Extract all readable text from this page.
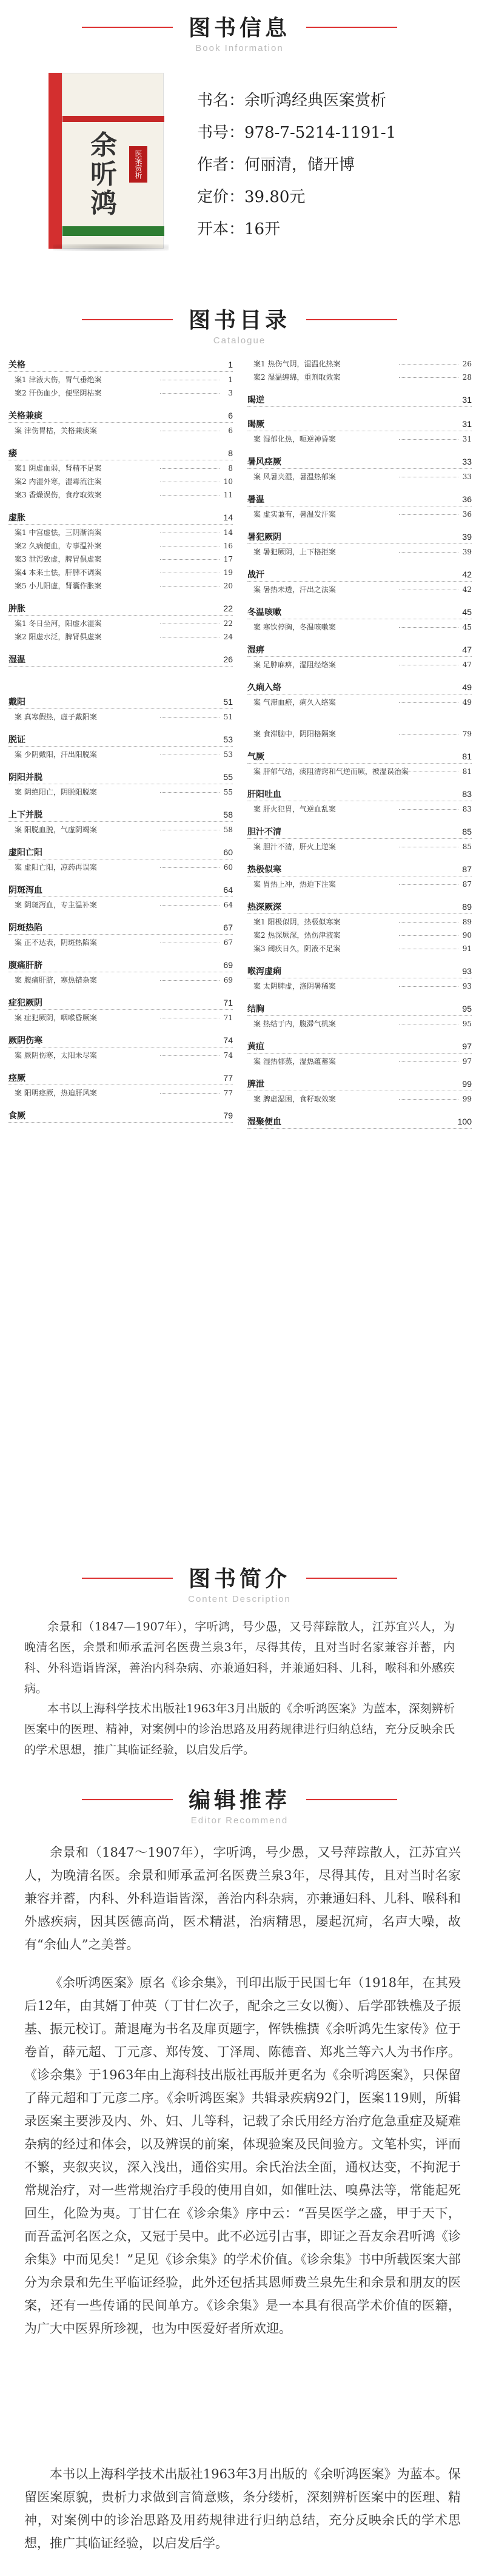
图书信息
Book Information
余听鸿
医案赏析
书名：余听鸿经典医案赏析
书号：978-7-5214-1191-1
作者：何丽清，储开博
定价：39.80元
开本：16开
图书目录
Catalogue
关格	1
案1 津液大伤，胃气垂绝案	1
案2 汗伤血少，便坚阴枯案	3
关格兼痰	6
案 津伤胃枯，关格兼痰案	6
痿	8
案1 阴虚血弱，肾精不足案	8
案2 内湿外寒，湿毒流注案	10
案3 香燥误伤，食疗取效案	11
虚胀	14
案1 中宫虚怯，三阴渐消案	14
案2 久病便血，专事温补案	16
案3 泄泻致虚，脾胃俱虚案	17
案4 本来土怯，肝脾不调案	19
案5 小儿阳虚，肾囊作胀案	20
肿胀	22
案1 冬日坐河，阳虚水湿案	22
案2 阳虚水泛，脾肾俱虚案	24
湿温	26
戴阳	51
案 真寒假热，虚子戴阳案	51
脱证	53
案 少阴戴阳，汗出阳脱案	53
阴阳并脱	55
案 阴绝阳亡，阴脱阳脱案	55
上下并脱	58
案 阳脱血脱，气虚阴竭案	58
虚阳亡阳	60
案 虚阳亡阳，凉药再误案	60
阴斑泻血	64
案 阴斑泻血，专主温补案	64
阴斑热陷	67
案 正不达表，阴斑热陷案	67
腹痛肝脐	69
案 腹痛肝脐，寒热错杂案	69
症犯厥阴	71
案 症犯厥阴，咽喉昏厥案	71
厥阴伤寒	74
案 厥阴伤寒，太阳未尽案	74
痉厥	77
案 阳明痉厥，热迫肝风案	77
食厥	79
案1 热伤气阴，湿温化热案	26
案2 湿温缠绵，重剂取效案	28
暍逆	31
暍厥	31
案 湿郁化热，呃逆神昏案	31
暑风痉厥	33
案 风暑夹湿，暑温热郁案	33
暑温	36
案 虚实兼有，暑温发汗案	36
暑犯厥阴	39
案 暑犯厥阴，上下格拒案	39
战汗	42
案 暑热未透，汗出之法案	42
冬温咳嗽	45
案 寒饮停胸，冬温咳嗽案	45
湿痹	47
案 足肿麻痹，湿阻经络案	47
久痢入络	49
案 气滞血瘀，痢久入络案	49
案 食滞脑中，阴阳格隔案	79
气厥	81
案 肝郁气结，痰阻清窍和气逆而厥，被湿误治案	81
肝阳吐血	83
案 肝火犯胃，气逆血乱案	83
胆汁不清	85
案 胆汁不清，肝火上逆案	85
热极似寒	87
案 胃热上冲，热迫下注案	87
热深厥深	89
案1 阳极似阴，热极似寒案	89
案2 热深厥深，热伤津液案	90
案3 阈疾日久，阴液不足案	91
喉泻虚痢	93
案 太阴脾虚，涤阴暑稀案	93
结胸	95
案 热结于内，腹滞气机案	95
黄疸	97
案 湿热郁蒸，湿热蕴蓄案	97
脾泄	99
案 脾虚湿困，食籽取效案	99
湿聚便血	100
图书简介
Content Description
余景和（1847—1907年），字听鸿，号少愚，又号萍踪散人，江苏宜兴人，为晚清名医，余景和师承孟河名医费兰泉3年，尽得其传，且对当时名家兼容并蓄，内科、外科造诣皆深，善治内科杂病、亦兼通妇科，并兼通妇科、儿科，喉科和外感疾病。
本书以上海科学技术出版社1963年3月出版的《余听鸿医案》为蓝本，深刻辨析医案中的医理、精神，对案例中的诊治思路及用药规律进行归纳总结，充分反映余氏的学术思想，推广其临证经验，以启发后学。
编辑推荐
Editor Recommend
余景和（1847～1907年），字听鸿，号少愚，又号萍踪散人，江苏宜兴人，为晚清名医。余景和师承孟河名医费兰泉3年，尽得其传，且对当时名家兼容并蓄，内科、外科造诣皆深，善治内科杂病，亦兼通妇科、儿科、喉科和外感疾病，因其医德高尚，医术精湛，治病精思，屡起沉疴，名声大噪，故有“余仙人”之美誉。
《余听鸿医案》原名《诊余集》，刊印出版于民国七年（1918年，在其殁后12年，由其婿丁仲英（丁甘仁次子，配余之三女以衡）、后学邵铁樵及子振基、振元校订。萧退庵为书名及扉页题字，恽铁樵撰《余听鸿先生家传》位于卷首，薛元超、丁元彦、郑传笈、丁泽周、陈德音、郑兆兰等六人为书作序。《诊余集》于1963年由上海科技出版社再版并更名为《余听鸿医案》，只保留了薛元超和丁元彦二序。《余听鸿医案》共辑录疾病92门，医案119则，所辑录医案主要涉及内、外、妇、儿等科，记载了余氏用经方治疗危急重症及疑难杂病的经过和体会，以及辨误的前案，体现验案及民间验方。文笔朴实，评而不繁，夹叙夹议，深入浅出，通俗实用。余氏治法全面，通权达变，不拘泥于常规治疗，对一些常规治疗手段的使用自如，如催吐法、嗅鼻法等，常能起死回生，化险为夷。丁甘仁在《诊余集》序中云：“吾吴医学之盛，甲于天下，而吾孟河名医之众，又冠于吴中。此不必远引古事，即证之吾友余君听鸿《诊余集》中而见矣！”足见《诊余集》的学术价值。《诊余集》书中所载医案大部分为余景和先生平临证经验，此外还包括其恩师费兰泉先生和余景和朋友的医案，还有一些传诵的民间单方。《诊余集》是一本具有很高学术价值的医籍，为广大中医界所珍视，也为中医爱好者所欢迎。
本书以上海科学技术出版社1963年3月出版的《余听鸿医案》为蓝本。保留医案原貌，贵析力求做到言简意赅，条分缕析，深刻辨析医案中的医理、精神，对案例中的诊治思路及用药规律进行归纳总结，充分反映余氏的学术思想，推广其临证经验，以启发后学。
